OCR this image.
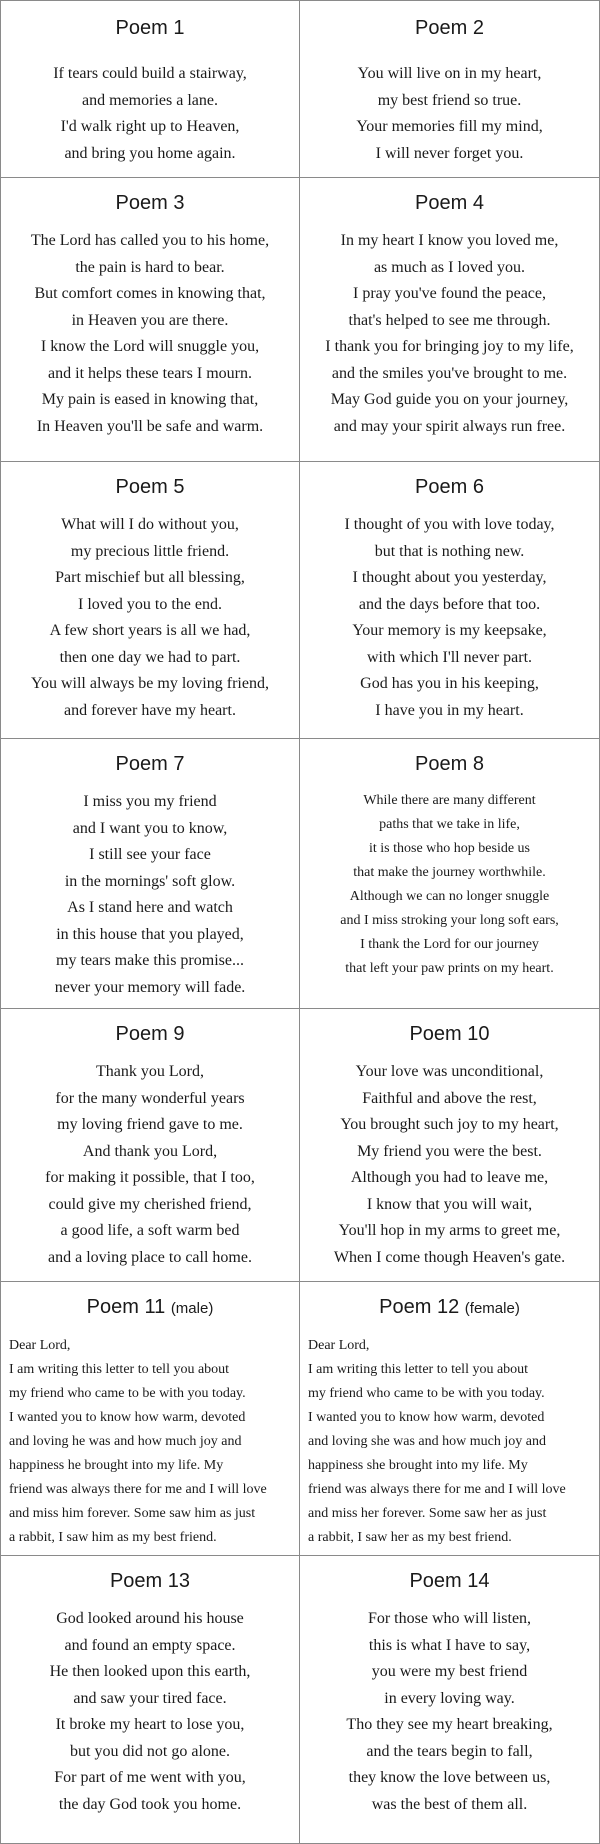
Poem 1
If tears could build a stairway,
and memories a lane.
I'd walk right up to Heaven,
and bring you home again.
Poem 2
You will live on in my heart,
my best friend so true.
Your memories fill my mind,
I will never forget you.
Poem 3
The Lord has called you to his home,
the pain is hard to bear.
But comfort comes in knowing that,
in Heaven you are there.
I know the Lord will snuggle you,
and it helps these tears I mourn.
My pain is eased in knowing that,
In Heaven you'll be safe and warm.
Poem 4
In my heart I know you loved me,
as much as I loved you.
I pray you've found the peace,
that's helped to see me through.
I thank you for bringing joy to my life,
and the smiles you've brought to me.
May God guide you on your journey,
and may your spirit always run free.
Poem 5
What will I do without you,
my precious little friend.
Part mischief but all blessing,
I loved you to the end.
A few short years is all we had,
then one day we had to part.
You will always be my loving friend,
and forever have my heart.
Poem 6
I thought of you with love today,
but that is nothing new.
I thought about you yesterday,
and the days before that too.
Your memory is my keepsake,
with which I'll never part.
God has you in his keeping,
I have you in my heart.
Poem 7
I miss you my friend
and I want you to know,
I still see your face
in the mornings' soft glow.
As I stand here and watch
in this house that you played,
my tears make this promise...
never your memory will fade.
Poem 8
While there are many different
paths that we take in life,
it is those who hop beside us
that make the journey worthwhile.
Although we can no longer snuggle
and I miss stroking your long soft ears,
I thank the Lord for our journey
that left your paw prints on my heart.
Poem 9
Thank you Lord,
for the many wonderful years
my loving friend gave to me.
And thank you Lord,
for making it possible, that I too,
could give my cherished friend,
a good life, a soft warm bed
and a loving place to call home.
Poem 10
Your love was unconditional,
Faithful and above the rest,
You brought such joy to my heart,
My friend you were the best.
Although you had to leave me,
I know that you will wait,
You'll hop in my arms to greet me,
When I come though Heaven's gate.
Poem 11 (male)
Dear Lord,
I am writing this letter to tell you about
my friend who came to be with you today.
I wanted you to know how warm, devoted
and loving he was and how much joy and
happiness he brought into my life. My
friend was always there for me and I will love
and miss him forever. Some saw him as just
a rabbit, I saw him as my best friend.
Poem 12 (female)
Dear Lord,
I am writing this letter to tell you about
my friend who came to be with you today.
I wanted you to know how warm, devoted
and loving she was and how much joy and
happiness she brought into my life. My
friend was always there for me and I will love
and miss her forever. Some saw her as just
a rabbit, I saw her as my best friend.
Poem 13
God looked around his house
and found an empty space.
He then looked upon this earth,
and saw your tired face.
It broke my heart to lose you,
but you did not go alone.
For part of me went with you,
the day God took you home.
Poem 14
For those who will listen,
this is what I have to say,
you were my best friend
in every loving way.
Tho they see my heart breaking,
and the tears begin to fall,
they know the love between us,
was the best of them all.
